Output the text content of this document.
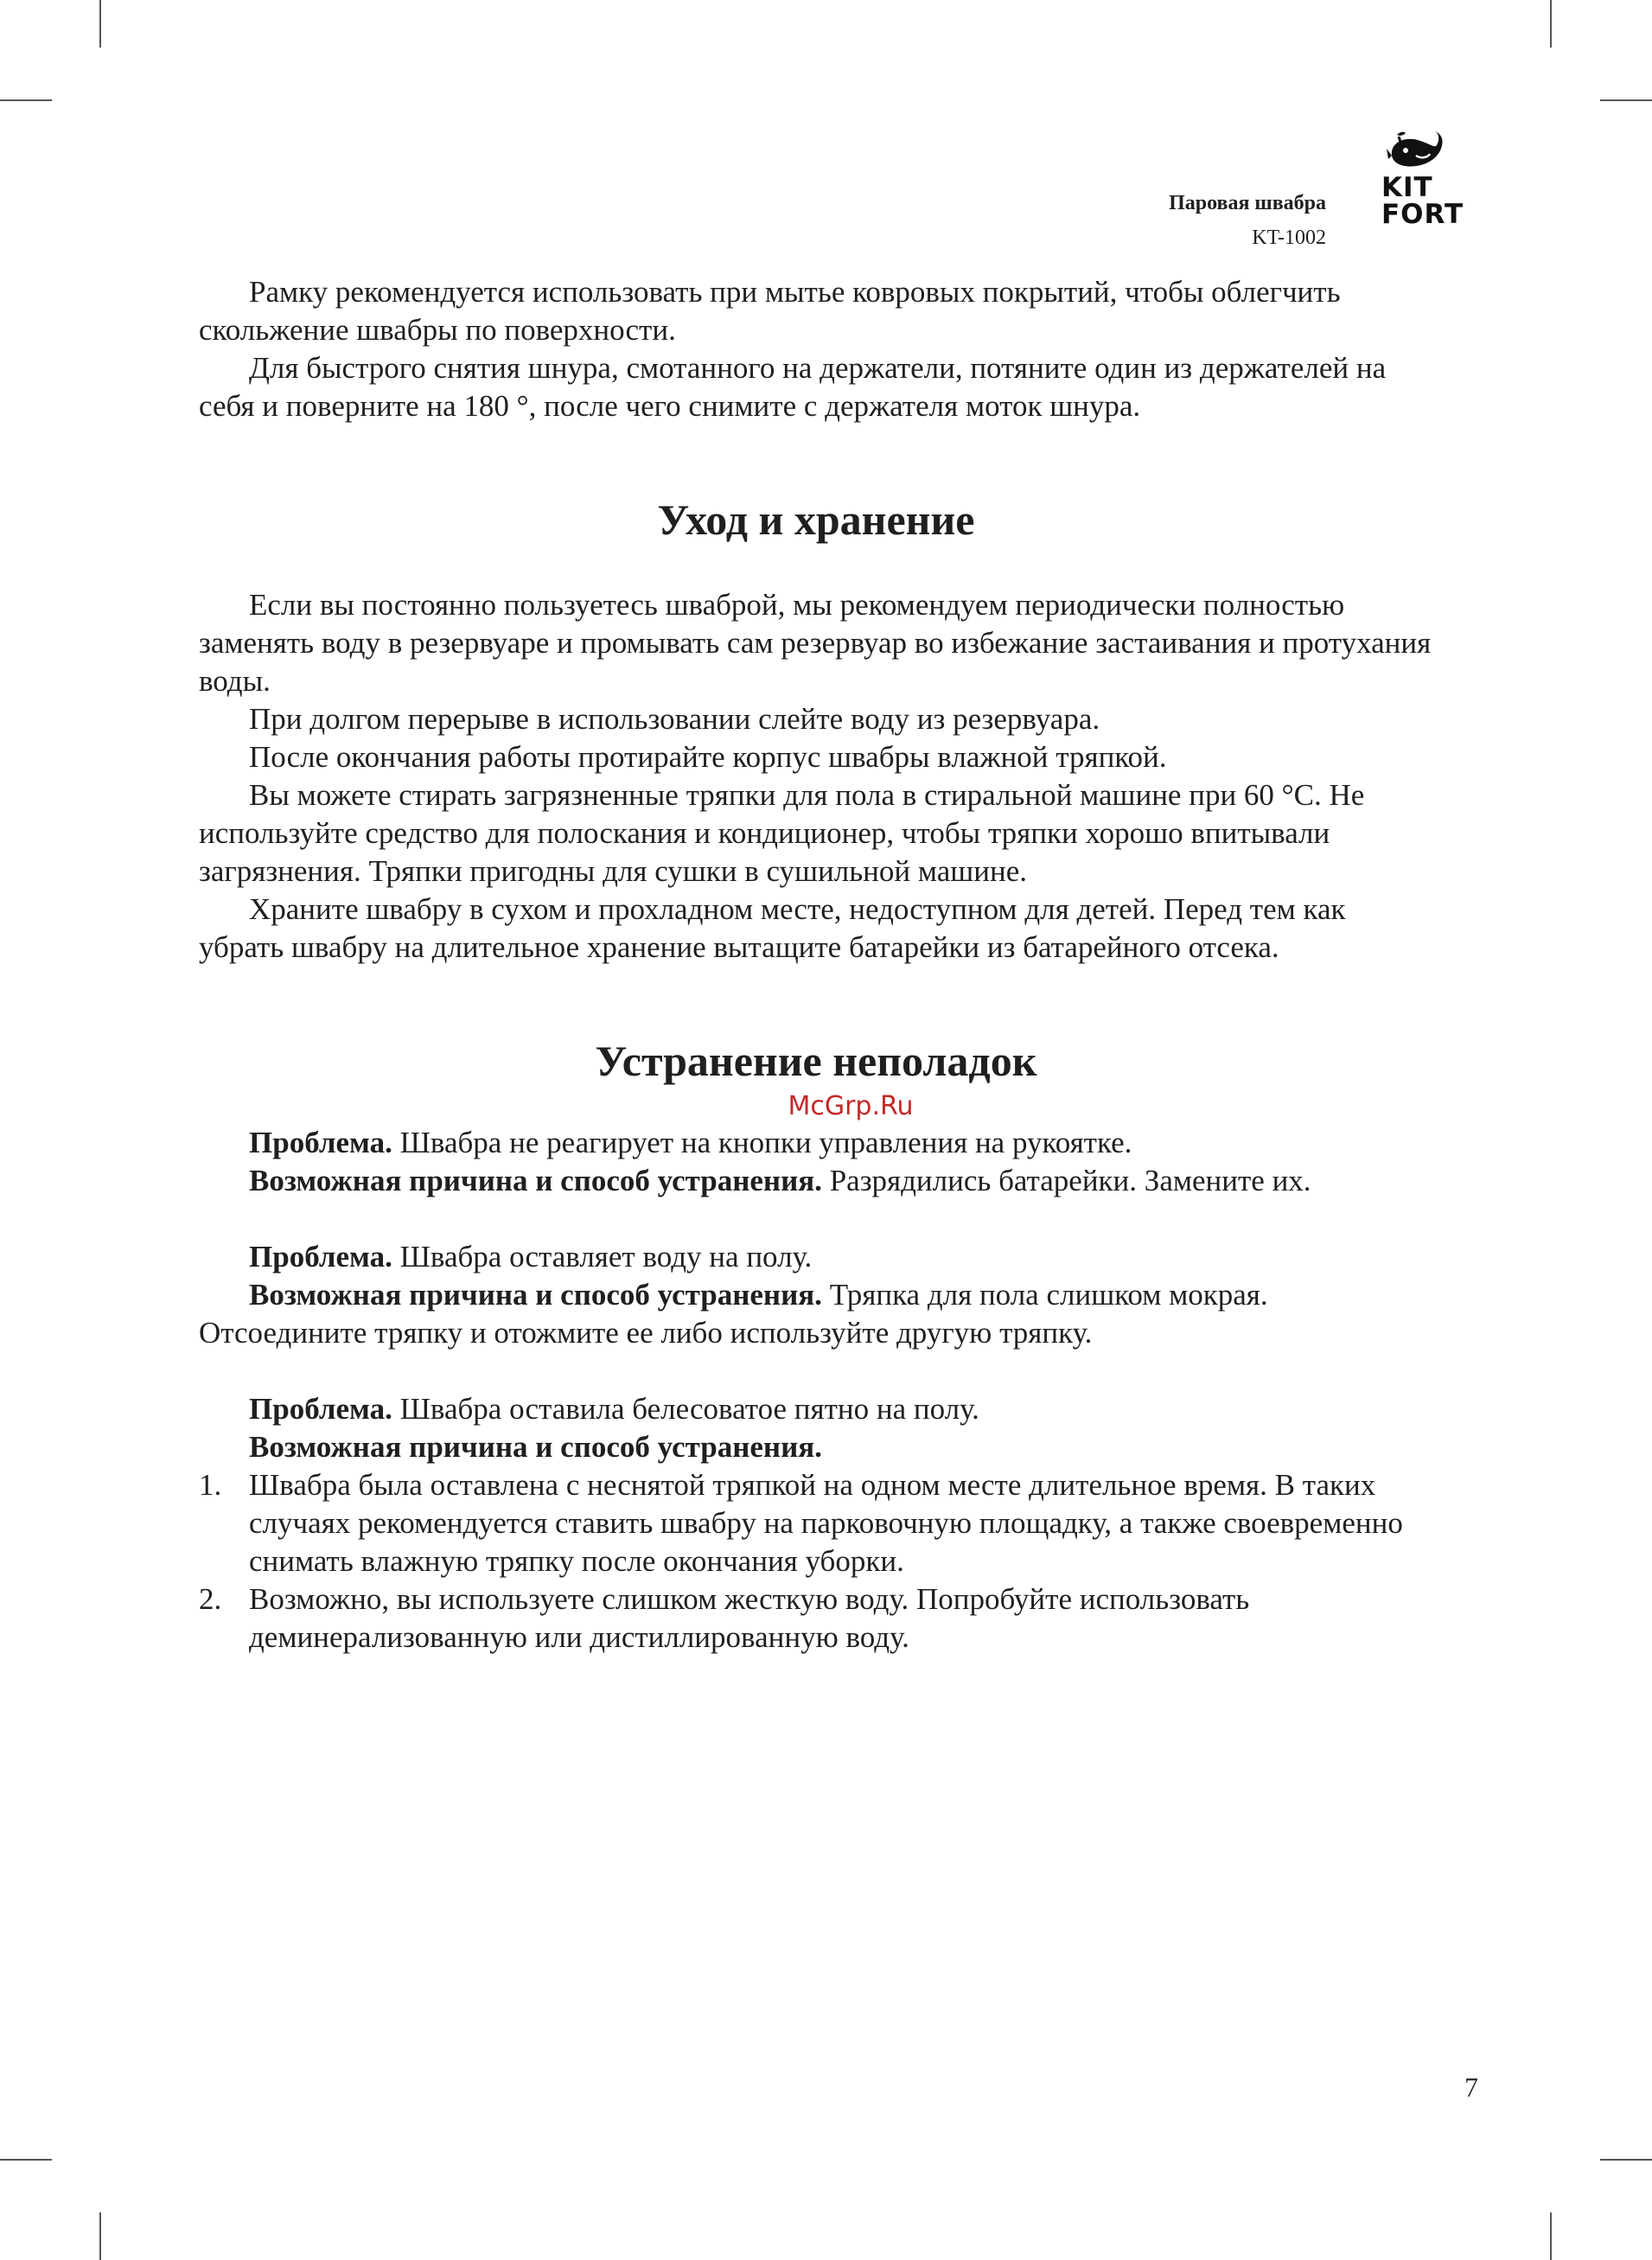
Паровая швабра
KT-1002
KIT
FORT

Рамку рекомендуется использовать при мытье ковровых покрытий, чтобы облегчить скольжение швабры по поверхности.

Для быстрого снятия шнура, смотанного на держатели, потяните один из держателей на себя и поверните на 180 °, после чего снимите с держателя моток шнура.

Уход и хранение

Если вы постоянно пользуетесь шваброй, мы рекомендуем периодически полностью заменять воду в резервуаре и промывать сам резервуар во избежание застаивания и протухания воды.

При долгом перерыве в использовании слейте воду из резервуара.

После окончания работы протирайте корпус швабры влажной тряпкой.

Вы можете стирать загрязненные тряпки для пола в стиральной машине при 60 °С. Не используйте средство для полоскания и кондиционер, чтобы тряпки хорошо впитывали загрязнения. Тряпки пригодны для сушки в сушильной машине.

Храните швабру в сухом и прохладном месте, недоступном для детей. Перед тем как убрать швабру на длительное хранение вытащите батарейки из батарейного отсека.

Устранение неполадок
McGrp.Ru

Проблема. Швабра не реагирует на кнопки управления на рукоятке.

Возможная причина и способ устранения. Разрядились батарейки. Замените их.

Проблема. Швабра оставляет воду на полу.

Возможная причина и способ устранения. Тряпка для пола слишком мокрая. Отсоедините тряпку и отожмите ее либо используйте другую тряпку.

Проблема. Швабра оставила белесоватое пятно на полу.

Возможная причина и способ устранения.

1. Швабра была оставлена с неснятой тряпкой на одном месте длительное время. В таких случаях рекомендуется ставить швабру на парковочную площадку, а также своевременно снимать влажную тряпку после окончания уборки.
2. Возможно, вы используете слишком жесткую воду. Попробуйте использовать деминерализованную или дистиллированную воду.
7
